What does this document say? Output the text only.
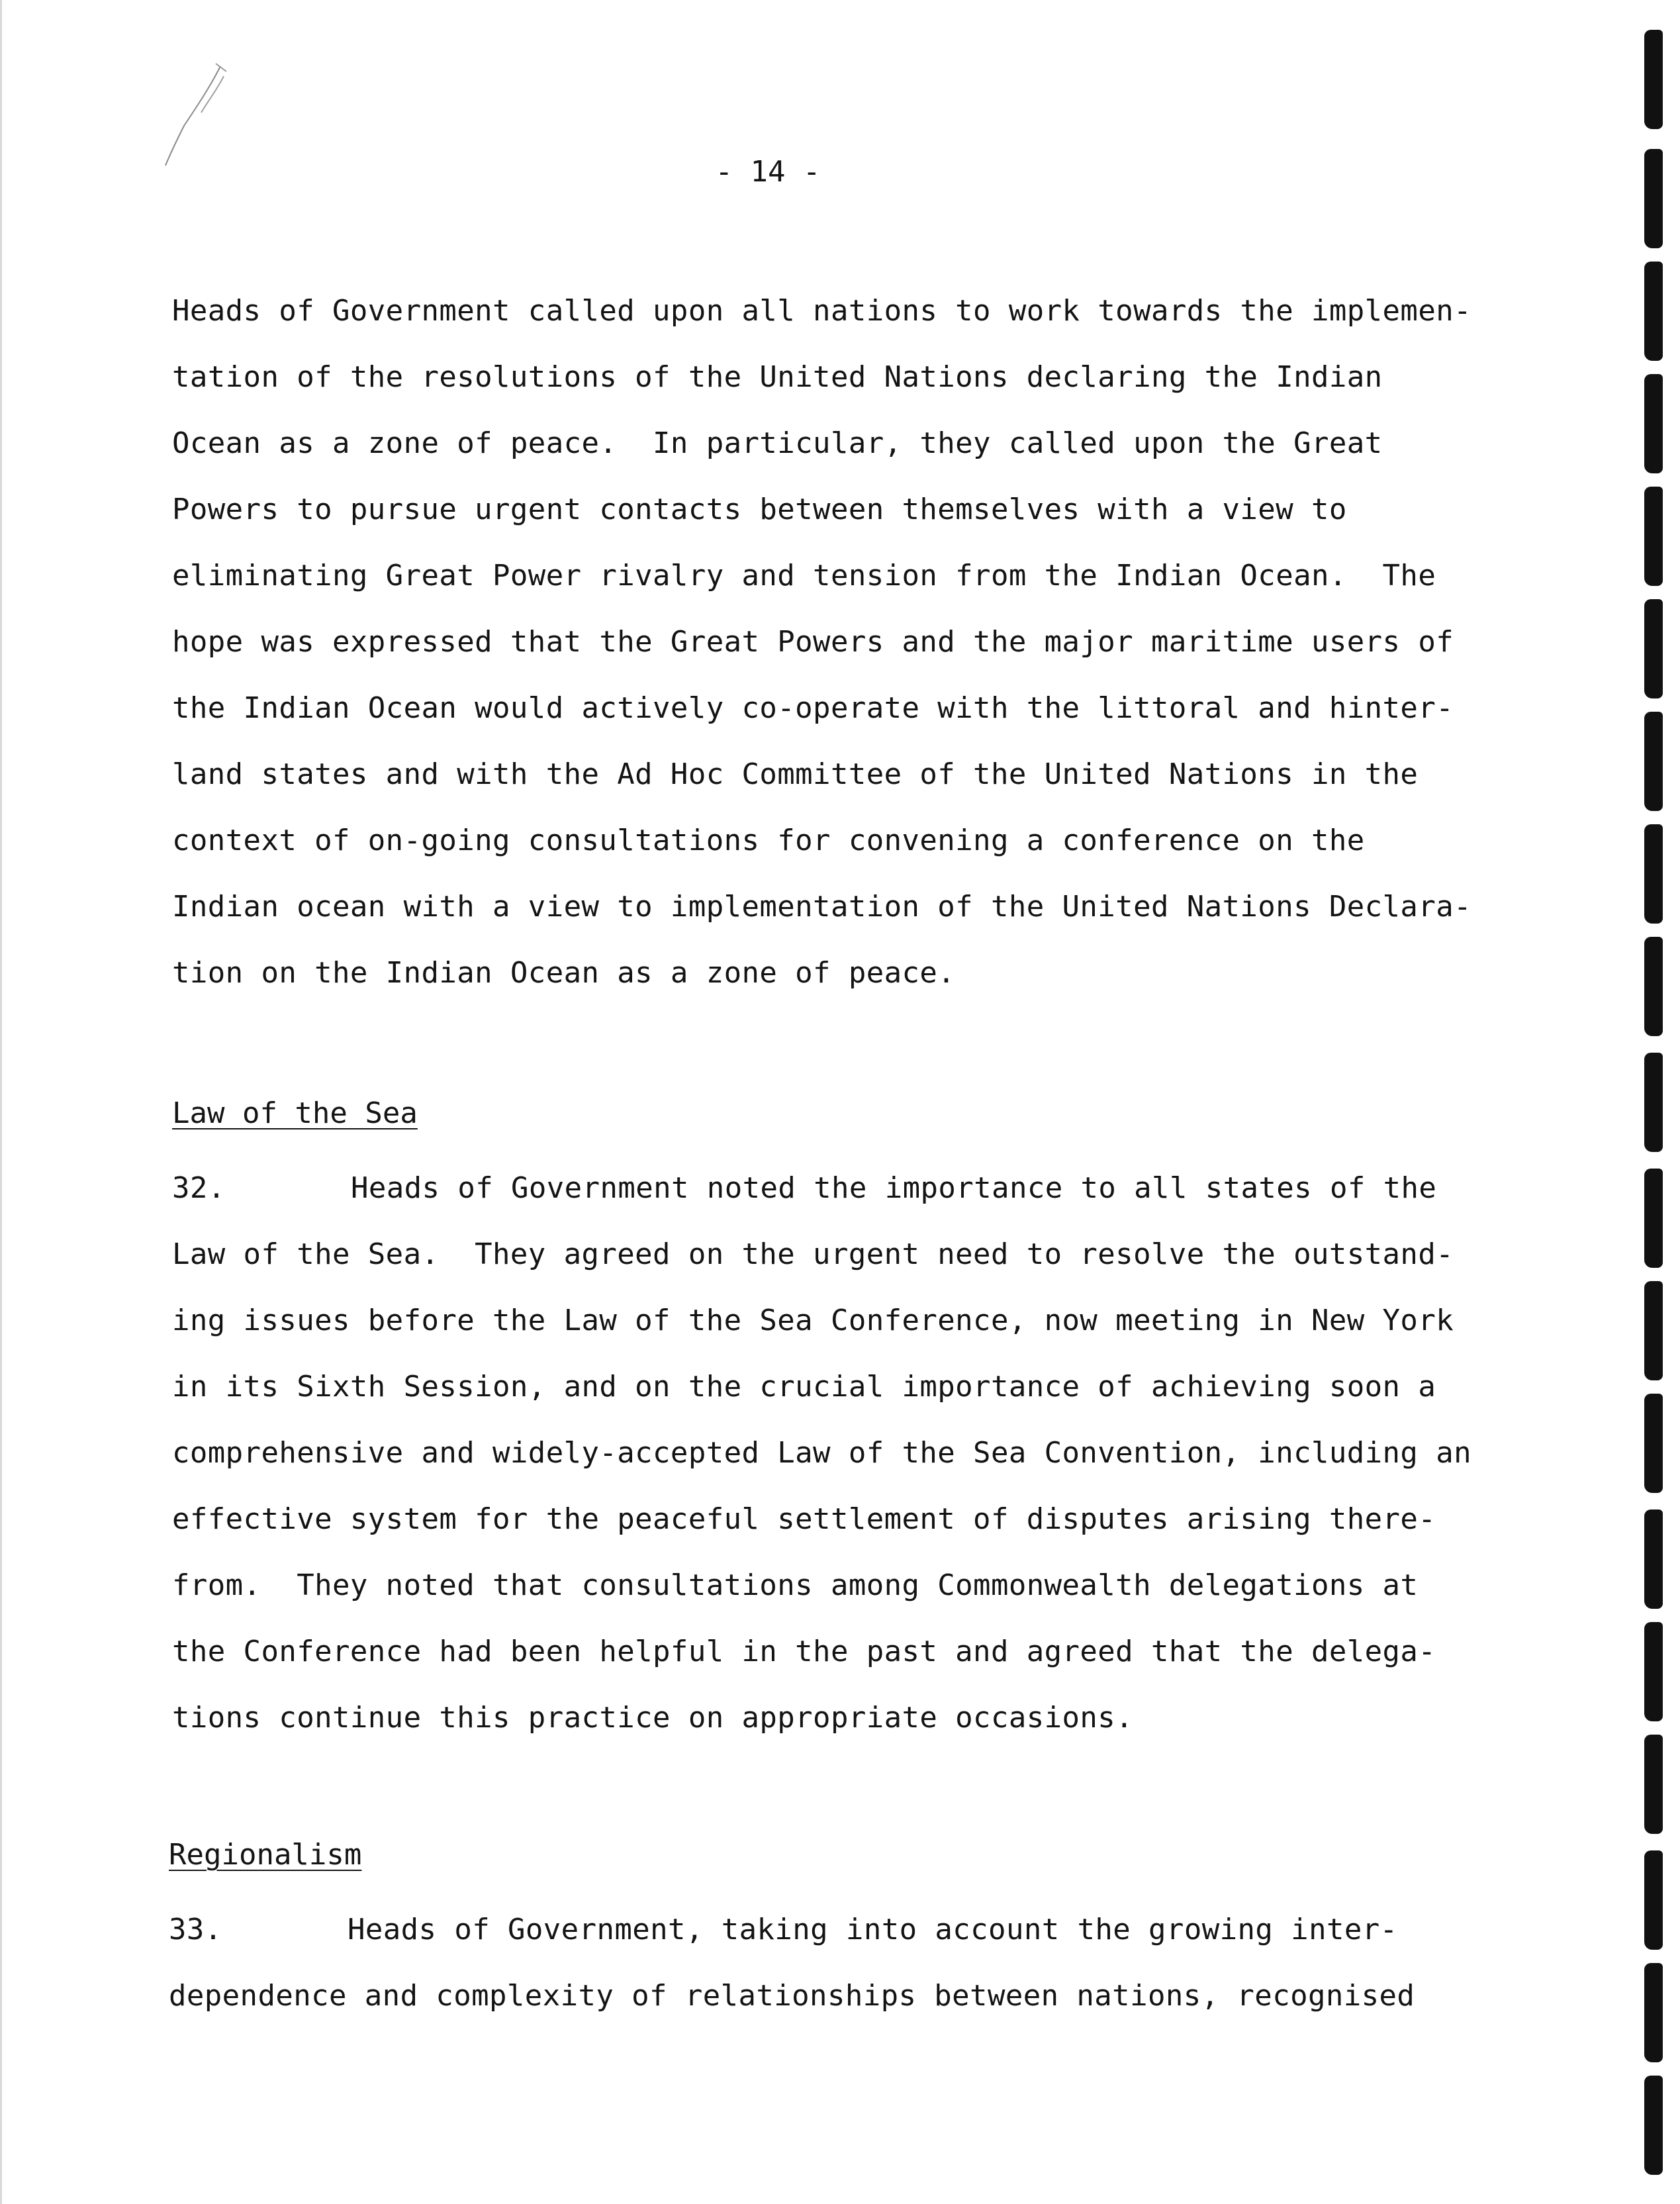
- 14 -
Heads of Government called upon all nations to work towards the implemen-
tation of the resolutions of the United Nations declaring the Indian
Ocean as a zone of peace.  In particular, they called upon the Great
Powers to pursue urgent contacts between themselves with a view to
eliminating Great Power rivalry and tension from the Indian Ocean.  The
hope was expressed that the Great Powers and the major maritime users of
the Indian Ocean would actively co-operate with the littoral and hinter-
land states and with the Ad Hoc Committee of the United Nations in the
context of on-going consultations for convening a conference on the
Indian ocean with a view to implementation of the United Nations Declara-
tion on the Indian Ocean as a zone of peace.
Law of the Sea
32.	Heads of Government noted the importance to all states of the
Law of the Sea.  They agreed on the urgent need to resolve the outstand-
ing issues before the Law of the Sea Conference, now meeting in New York
in its Sixth Session, and on the crucial importance of achieving soon a
comprehensive and widely-accepted Law of the Sea Convention, including an
effective system for the peaceful settlement of disputes arising there-
from.  They noted that consultations among Commonwealth delegations at
the Conference had been helpful in the past and agreed that the delega-
tions continue this practice on appropriate occasions.
Regionalism
33.	Heads of Government, taking into account the growing inter-
dependence and complexity of relationships between nations, recognised
